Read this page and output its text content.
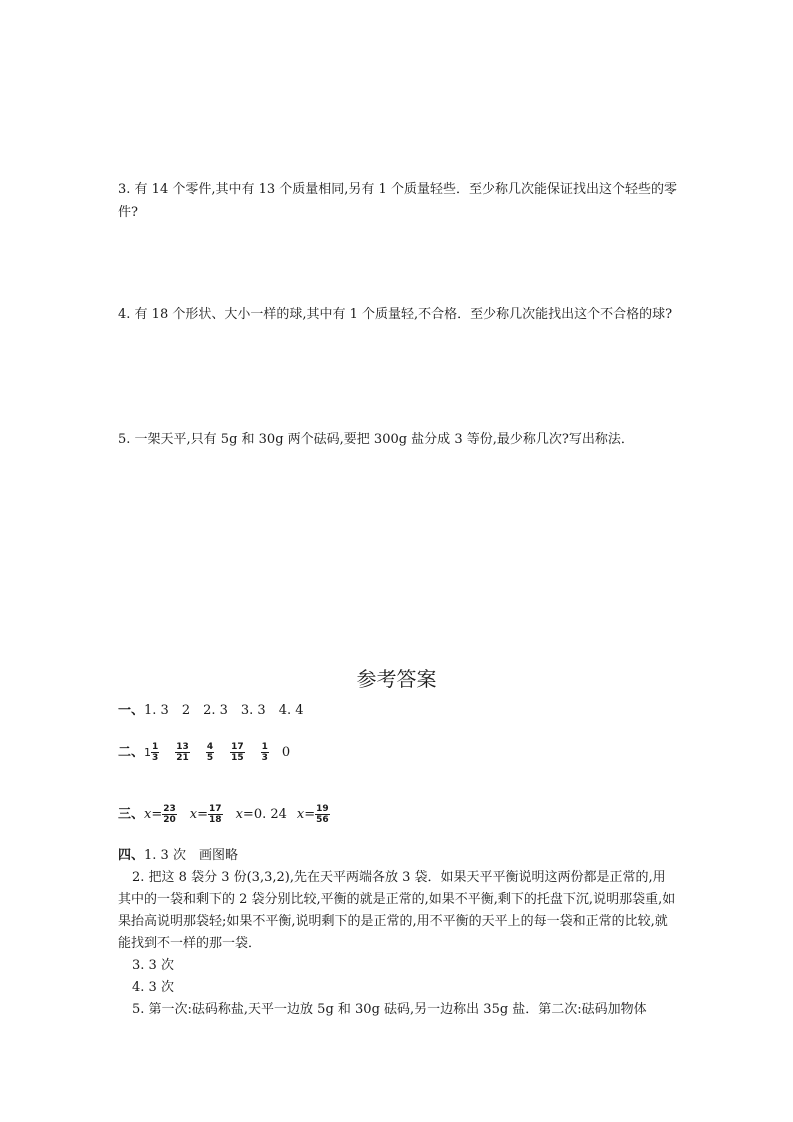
3. 有 14 个零件,其中有 13 个质量相同,另有 1 个质量轻些．至少称几次能保证找出这个轻些的零件?

4. 有 18 个形状、大小一样的球,其中有 1 个质量轻,不合格．至少称几次能找出这个不合格的球?

5. 一架天平,只有 5g 和 30g 两个砝码,要把 300g 盐分成 3 等份,最少称几次?写出称法．

参考答案
一、1. 3　2　2. 3　3. 3　4. 4
二、$1 \frac{1}{3} \frac{13}{21} \frac{4}{5} \frac{17}{15} \frac{1}{3} 0$
三、$x= \frac{23}{20} x= \frac{17}{18} x=0$. 24 $x= \frac{19}{56}$

四、1. 3 次　画图略

2. 把这 8 袋分 3 份(3,3,2),先在天平两端各放 3 袋．如果天平平衡说明这两份都是正常的,用其中的一袋和剩下的 2 袋分别比较,平衡的就是正常的,如果不平衡,剩下的托盘下沉,说明那袋重,如果抬高说明那袋轻;如果不平衡,说明剩下的是正常的,用不平衡的天平上的每一袋和正常的比较,就能找到不一样的那一袋．

3. 3 次

4. 3 次

5. 第一次:砝码称盐,天平一边放 5g 和 30g 砝码,另一边称出 35g 盐．第二次:砝码加物体
